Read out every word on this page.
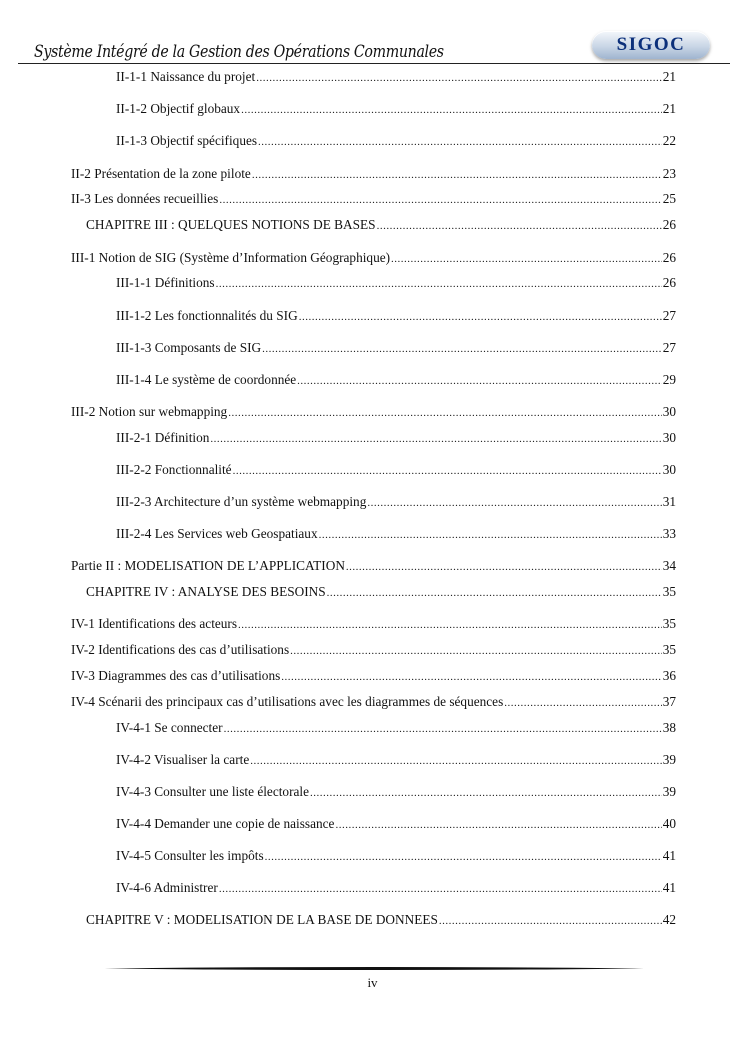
Système Intégré de la Gestion des Opérations Communales	SIGOC
II-1-1 Naissance du projet .....	21
II-1-2 Objectif globaux .....	21
II-1-3 Objectif spécifiques .....	22
II-2 Présentation de la zone pilote .....	23
II-3 Les données recueillies .....	25
CHAPITRE III : QUELQUES NOTIONS DE BASES .....	26
III-1 Notion de SIG (Système d’Information Géographique) .....	26
III-1-1 Définitions .....	26
III-1-2 Les fonctionnalités du SIG .....	27
III-1-3 Composants de SIG .....	27
III-1-4 Le système de coordonnée .....	29
III-2 Notion sur webmapping .....	30
III-2-1 Définition .....	30
III-2-2 Fonctionnalité .....	30
III-2-3 Architecture d’un système webmapping .....	31
III-2-4 Les Services web Geospatiaux .....	33
Partie II : MODELISATION DE L’APPLICATION .....	34
CHAPITRE IV : ANALYSE DES BESOINS .....	35
IV-1 Identifications des acteurs .....	35
IV-2 Identifications des cas d’utilisations .....	35
IV-3 Diagrammes des cas d’utilisations .....	36
IV-4 Scénarii des principaux cas d’utilisations avec les diagrammes de séquences .....	37
IV-4-1 Se connecter .....	38
IV-4-2 Visualiser la carte .....	39
IV-4-3 Consulter une liste électorale .....	39
IV-4-4 Demander une copie de naissance .....	40
IV-4-5 Consulter les impôts .....	41
IV-4-6 Administrer .....	41
CHAPITRE V : MODELISATION DE LA BASE DE DONNEES .....	42
iv
